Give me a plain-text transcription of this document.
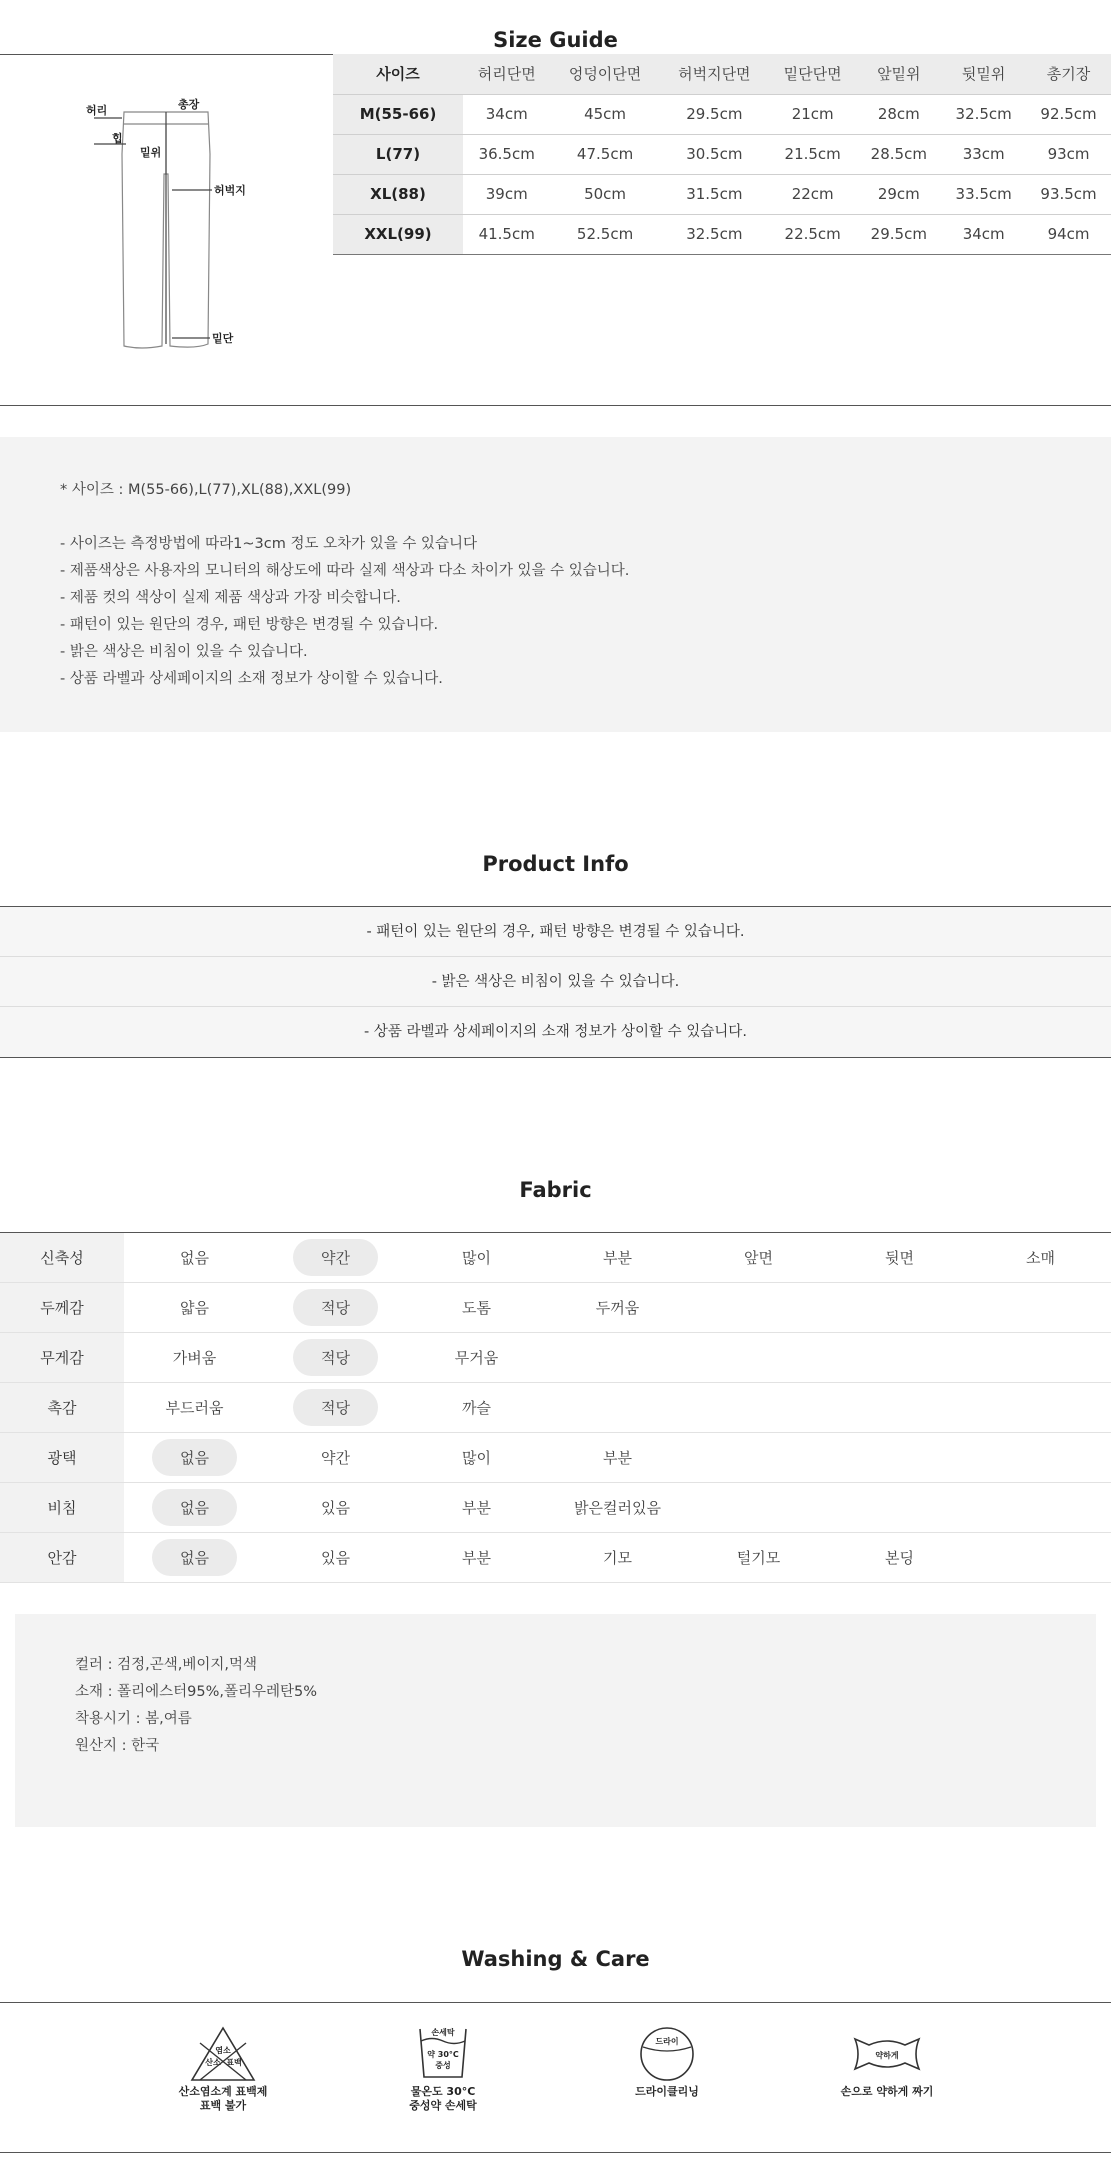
Size Guide
허리	총장
힙
밑위
허벅지
밑단
사이즈	허리단면	엉덩이단면	허벅지단면	밑단단면	앞밑위	뒷밑위	총기장
M(55-66)	34cm	45cm	29.5cm	21cm	28cm	32.5cm	92.5cm
L(77)	36.5cm	47.5cm	30.5cm	21.5cm	28.5cm	33cm	93cm
XL(88)	39cm	50cm	31.5cm	22cm	29cm	33.5cm	93.5cm
XXL(99)	41.5cm	52.5cm	32.5cm	22.5cm	29.5cm	34cm	94cm

* 사이즈 : M(55-66),L(77),XL(88),XXL(99)

- 사이즈는 측정방법에 따라1~3cm 정도 오차가 있을 수 있습니다

- 제품색상은 사용자의 모니터의 해상도에 따라 실제 색상과 다소 차이가 있을 수 있습니다.

- 제품 컷의 색상이 실제 제품 색상과 가장 비슷합니다.

- 패턴이 있는 원단의 경우, 패턴 방향은 변경될 수 있습니다.

- 밝은 색상은 비침이 있을 수 있습니다.

- 상품 라벨과 상세페이지의 소재 정보가 상이할 수 있습니다.

Product Info
- 패턴이 있는 원단의 경우, 패턴 방향은 변경될 수 있습니다.
- 밝은 색상은 비침이 있을 수 있습니다.
- 상품 라벨과 상세페이지의 소재 정보가 상이할 수 있습니다.
Fabric
신축성	없음	약간	많이	부분	앞면	뒷면	소매
두께감	얇음	적당	도톰	두꺼움			
무게감	가벼움	적당	무거움				
촉감	부드러움	적당	까슬				
광택	없음	약간	많이	부분			
비침	없음	있음	부분	밝은컬러있음			
안감	없음	있음	부분	기모	털기모	본딩	

컬러 : 검정,곤색,베이지,먹색

소재 : 폴리에스터95%,폴리우레탄5%

착용시기 : 봄,여름

원산지 : 한국

Washing & Care
염소
산소 표백
산소염소계 표백제
표백 불가
손세탁
약 30°C
중성
물온도 30°C
중성약 손세탁
드라이
드라이클리닝
약하게
손으로 약하게 짜기
